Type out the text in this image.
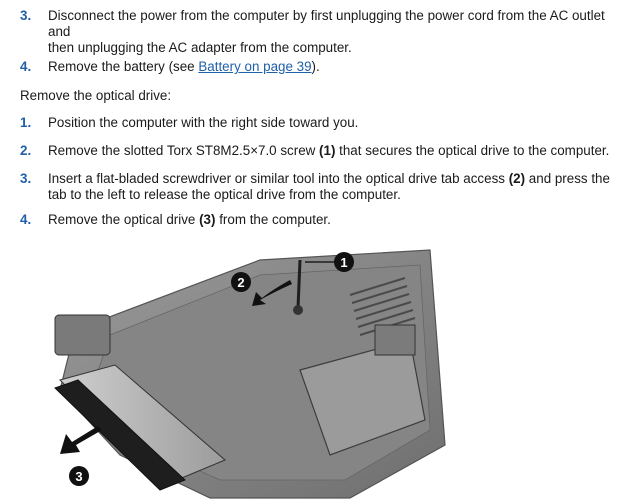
3. Disconnect the power from the computer by first unplugging the power cord from the AC outlet and
then unplugging the AC adapter from the computer.
4. Remove the battery (see Battery on page 39).
Remove the optical drive:
1. Position the computer with the right side toward you.
2. Remove the slotted Torx ST8M2.5×7.0 screw (1) that secures the optical drive to the computer.
3. Insert a flat-bladed screwdriver or similar tool into the optical drive tab access (2) and press the
tab to the left to release the optical drive from the computer.
4. Remove the optical drive (3) from the computer.
1
2
3
